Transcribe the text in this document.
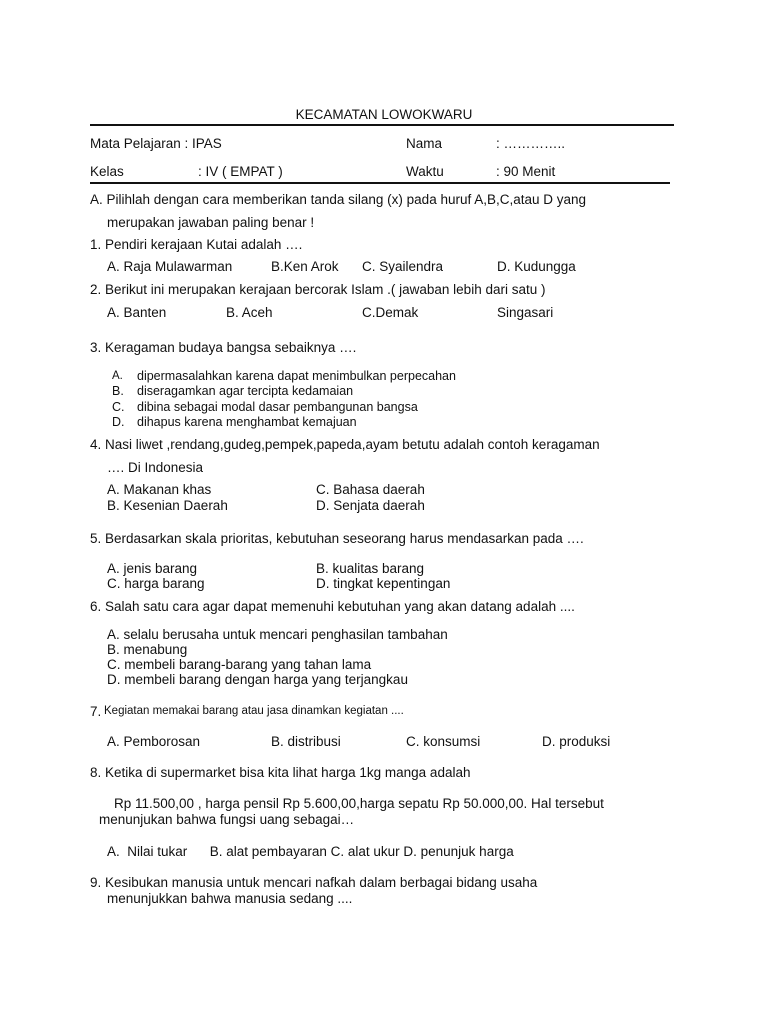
KECAMATAN LOWOKWARU
Mata Pelajaran : IPAS	Nama	: …………..
Kelas	: IV ( EMPAT )	Waktu	: 90 Menit
A. Pilihlah dengan cara memberikan tanda silang (x) pada huruf A,B,C,atau D yang
merupakan jawaban paling benar !
1. Pendiri kerajaan Kutai adalah ….
A. Raja Mulawarman	B.Ken Arok C. Syailendra	D. Kudungga
2. Berikut ini merupakan kerajaan bercorak Islam .( jawaban lebih dari satu )
A. Banten	B. Aceh	C.Demak	Singasari
3. Keragaman budaya bangsa sebaiknya ….
A. dipermasalahkan karena dapat menimbulkan perpecahan
B. diseragamkan agar tercipta kedamaian
C. dibina sebagai modal dasar pembangunan bangsa
D. dihapus karena menghambat kemajuan
4. Nasi liwet ,rendang,gudeg,pempek,papeda,ayam betutu adalah contoh keragaman
…. Di Indonesia
A. Makanan khas
B. Kesenian Daerah
C. Bahasa daerah
D. Senjata daerah
5. Berdasarkan skala prioritas, kebutuhan seseorang harus mendasarkan pada ….
A. jenis barang
C. harga barang
B. kualitas barang
D. tingkat kepentingan
6. Salah satu cara agar dapat memenuhi kebutuhan yang akan datang adalah ....
A. selalu berusaha untuk mencari penghasilan tambahan
B. menabung
C. membeli barang-barang yang tahan lama
D. membeli barang dengan harga yang terjangkau
7. Kegiatan memakai barang atau jasa dinamkan kegiatan ....
A. Pemborosan	B. distribusi	C. konsumsi	D. produksi
8. Ketika di supermarket bisa kita lihat harga 1kg manga adalah
Rp 11.500,00 , harga pensil Rp 5.600,00,harga sepatu Rp 50.000,00. Hal tersebut
menunjukan bahwa fungsi uang sebagai…
A.  Nilai tukar      B. alat pembayaran C. alat ukur D. penunjuk harga
9. Kesibukan manusia untuk mencari nafkah dalam berbagai bidang usaha
menunjukkan bahwa manusia sedang ....
